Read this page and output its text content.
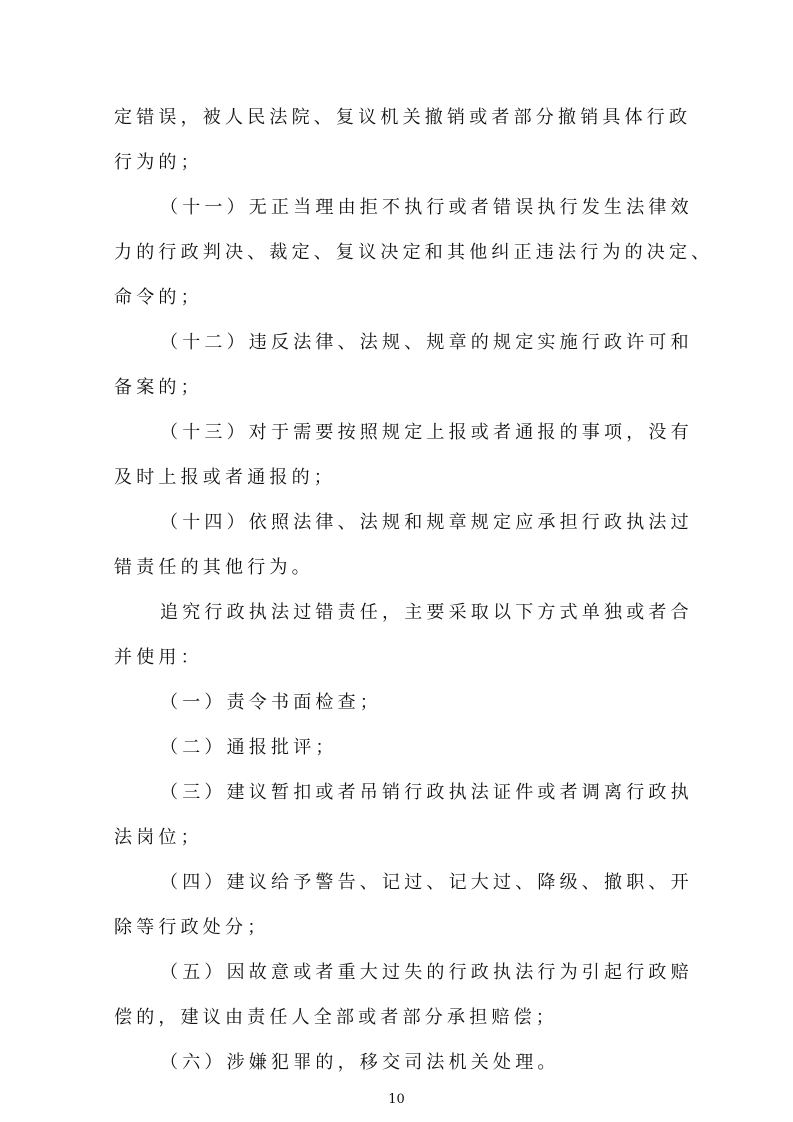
定错误，被人民法院、复议机关撤销或者部分撤销具体行政
行为的；
（十一）无正当理由拒不执行或者错误执行发生法律效
力的行政判决、裁定、复议决定和其他纠正违法行为的决定、
命令的；
（十二）违反法律、法规、规章的规定实施行政许可和
备案的；
（十三）对于需要按照规定上报或者通报的事项，没有
及时上报或者通报的；
（十四）依照法律、法规和规章规定应承担行政执法过
错责任的其他行为。
追究行政执法过错责任，主要采取以下方式单独或者合
并使用：
（一）责令书面检查；
（二）通报批评；
（三）建议暂扣或者吊销行政执法证件或者调离行政执
法岗位；
（四）建议给予警告、记过、记大过、降级、撤职、开
除等行政处分；
（五）因故意或者重大过失的行政执法行为引起行政赔
偿的，建议由责任人全部或者部分承担赔偿；
（六）涉嫌犯罪的，移交司法机关处理。
10
